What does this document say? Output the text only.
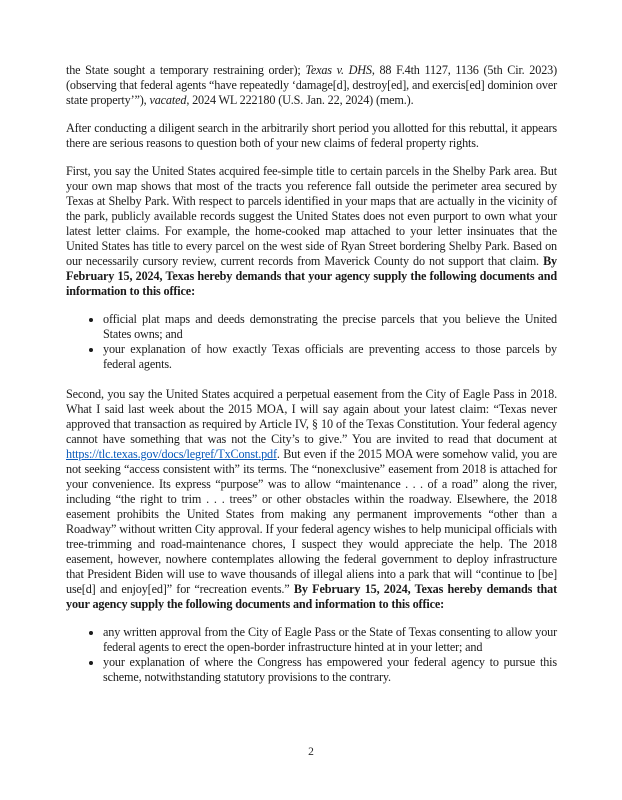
the State sought a temporary restraining order); Texas v. DHS, 88 F.4th 1127, 1136 (5th Cir. 2023) (observing that federal agents “have repeatedly ‘damage[d], destroy[ed], and exercis[ed] dominion over state property’”), vacated, 2024 WL 222180 (U.S. Jan. 22, 2024) (mem.).

After conducting a diligent search in the arbitrarily short period you allotted for this rebuttal, it appears there are serious reasons to question both of your new claims of federal property rights.

First, you say the United States acquired fee-simple title to certain parcels in the Shelby Park area. But your own map shows that most of the tracts you reference fall outside the perimeter area secured by Texas at Shelby Park. With respect to parcels identified in your maps that are actually in the vicinity of the park, publicly available records suggest the United States does not even purport to own what your latest letter claims. For example, the home-cooked map attached to your letter insinuates that the United States has title to every parcel on the west side of Ryan Street bordering Shelby Park. Based on our necessarily cursory review, current records from Maverick County do not support that claim. By February 15, 2024, Texas hereby demands that your agency supply the following documents and information to this office:

• official plat maps and deeds demonstrating the precise parcels that you believe the United States owns; and
• your explanation of how exactly Texas officials are preventing access to those parcels by federal agents.

Second, you say the United States acquired a perpetual easement from the City of Eagle Pass in 2018. What I said last week about the 2015 MOA, I will say again about your latest claim: “Texas never approved that transaction as required by Article IV, § 10 of the Texas Constitution. Your federal agency cannot have something that was not the City’s to give.” You are invited to read that document at https://tlc.texas.gov/docs/legref/TxConst.pdf. But even if the 2015 MOA were somehow valid, you are not seeking “access consistent with” its terms. The “nonexclusive” easement from 2018 is attached for your convenience. Its express “purpose” was to allow “maintenance . . . of a road” along the river, including “the right to trim . . . trees” or other obstacles within the roadway. Elsewhere, the 2018 easement prohibits the United States from making any permanent improvements “other than a Roadway” without written City approval. If your federal agency wishes to help municipal officials with tree-trimming and road-maintenance chores, I suspect they would appreciate the help. The 2018 easement, however, nowhere contemplates allowing the federal government to deploy infrastructure that President Biden will use to wave thousands of illegal aliens into a park that will “continue to [be] use[d] and enjoy[ed]” for “recreation events.” By February 15, 2024, Texas hereby demands that your agency supply the following documents and information to this office:

• any written approval from the City of Eagle Pass or the State of Texas consenting to allow your federal agents to erect the open-border infrastructure hinted at in your letter; and
• your explanation of where the Congress has empowered your federal agency to pursue this scheme, notwithstanding statutory provisions to the contrary.
2
